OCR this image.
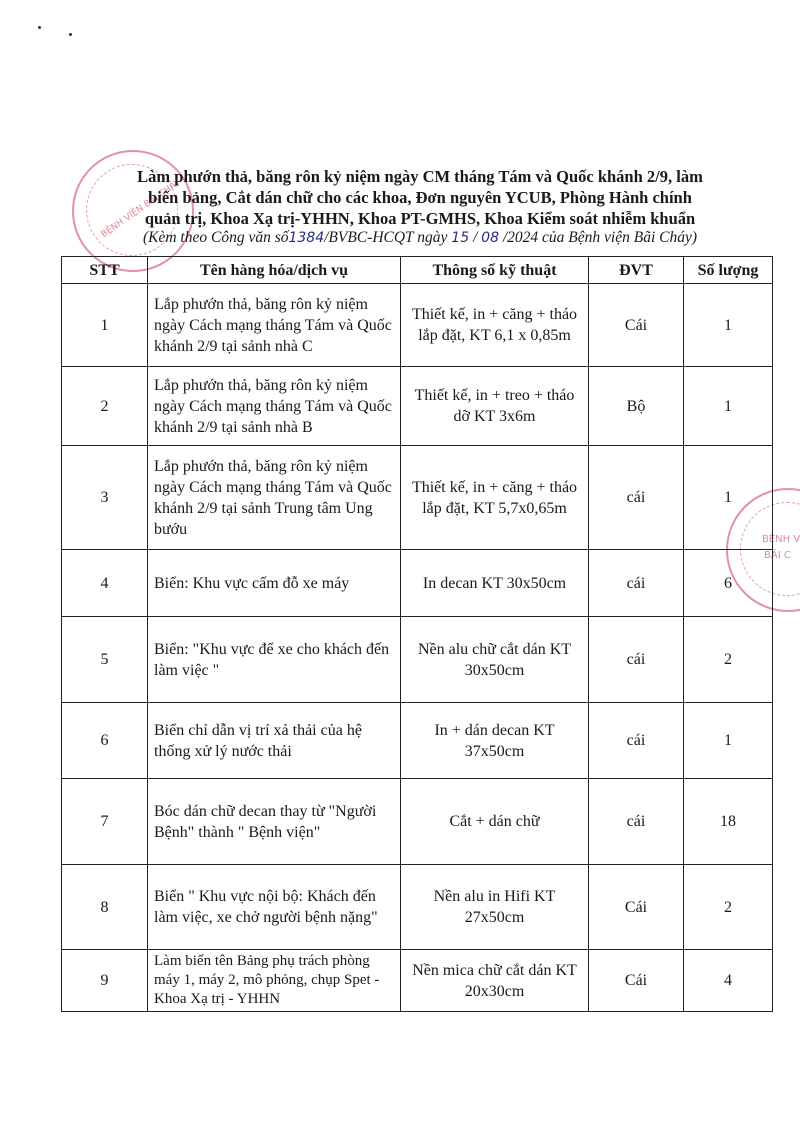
BỆNH VIỆN BÃI CHÁY
BỆNH V
BÃI C
Làm phướn thả, băng rôn kỷ niệm ngày CM tháng Tám và Quốc khánh 2/9, làm
biển bảng, Cắt dán chữ cho các khoa, Đơn nguyên YCUB, Phòng Hành chính
quản trị, Khoa Xạ trị-YHHN, Khoa PT-GMHS, Khoa Kiểm soát nhiễm khuẩn
(Kèm theo Công văn số1384/BVBC-HCQT ngày 15 / 08 /2024 của Bệnh viện Bãi Cháy)
STT	Tên hàng hóa/dịch vụ	Thông số kỹ thuật	ĐVT	Số lượng
1	Lắp phướn thả, băng rôn kỷ niệm ngày Cách mạng tháng Tám và Quốc khánh 2/9 tại sảnh nhà C	Thiết kế, in + căng + tháo lắp đặt, KT 6,1 x 0,85m	Cái	1
2	Lắp phướn thả, băng rôn kỷ niệm ngày Cách mạng tháng Tám và Quốc khánh 2/9 tại sảnh nhà B	Thiết kế, in + treo + tháo dỡ KT 3x6m	Bộ	1
3	Lắp phướn thả, băng rôn kỷ niệm ngày Cách mạng tháng Tám và Quốc khánh 2/9 tại sảnh Trung tâm Ung bướu	Thiết kế, in + căng + tháo lắp đặt, KT 5,7x0,65m	cái	1
4	Biển: Khu vực cấm đỗ xe máy	In decan KT 30x50cm	cái	6
5	Biển: "Khu vực để xe cho khách đến làm việc "	Nền alu chữ cắt dán KT 30x50cm	cái	2
6	Biển chỉ dẫn vị trí xả thải của hệ thống xử lý nước thải	In + dán decan KT 37x50cm	cái	1
7	Bóc dán chữ decan thay từ "Người Bệnh" thành " Bệnh viện"	Cắt + dán chữ	cái	18
8	Biển " Khu vực nội bộ: Khách đến làm việc, xe chở người bệnh nặng"	Nền alu in Hifi KT 27x50cm	Cái	2
9	Làm biển tên Bảng phụ trách phòng máy 1, máy 2, mô phỏng, chụp Spet - Khoa Xạ trị - YHHN	Nền mica chữ cắt dán KT 20x30cm	Cái	4
